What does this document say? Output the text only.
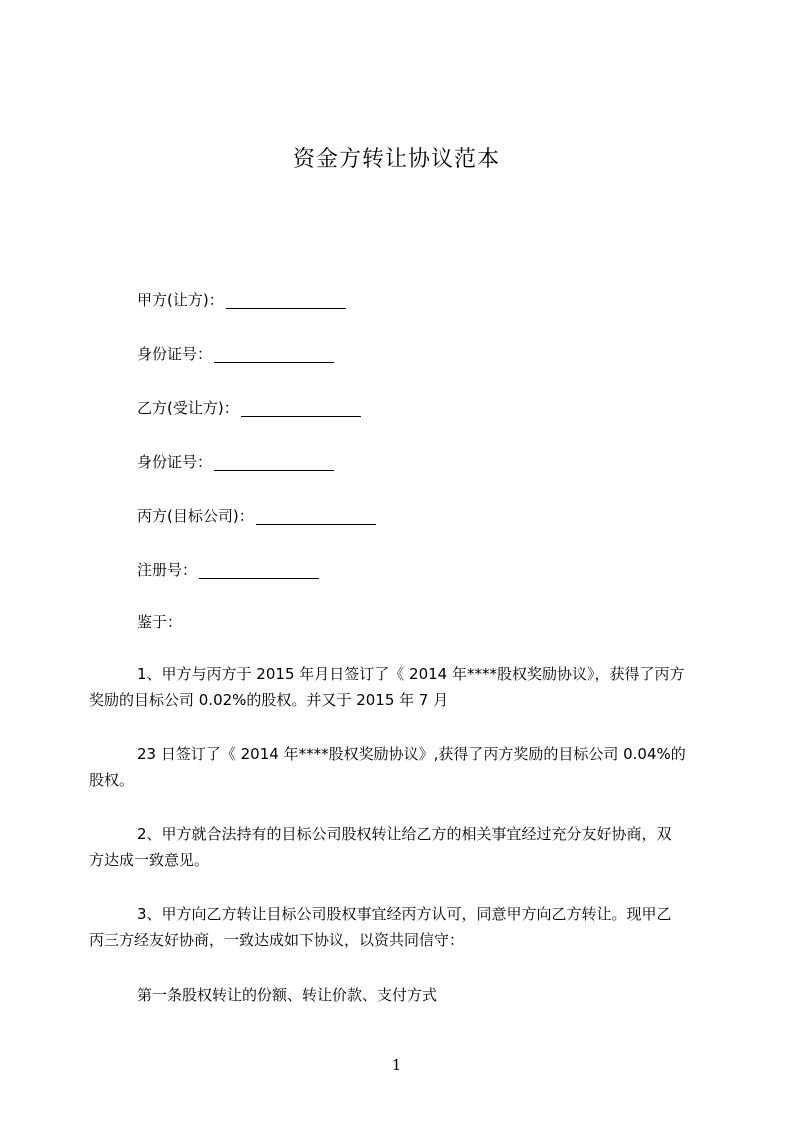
资金方转让协议范本
甲方(让方)：
身份证号：
乙方(受让方)：
身份证号：
丙方(目标公司)：
注册号：
鉴于：
1、甲方与丙方于 2015 年月日签订了《 2014 年****股权奖励协议》，获得了丙方
奖励的目标公司 0.02%的股权。并又于 2015 年 7 月
23 日签订了《 2014 年****股权奖励协议》,获得了丙方奖励的目标公司 0.04%的
股权。
2、甲方就合法持有的目标公司股权转让给乙方的相关事宜经过充分友好协商，双
方达成一致意见。
3、甲方向乙方转让目标公司股权事宜经丙方认可，同意甲方向乙方转让。现甲乙
丙三方经友好协商，一致达成如下协议，以资共同信守：
第一条股权转让的份额、转让价款、支付方式
1
